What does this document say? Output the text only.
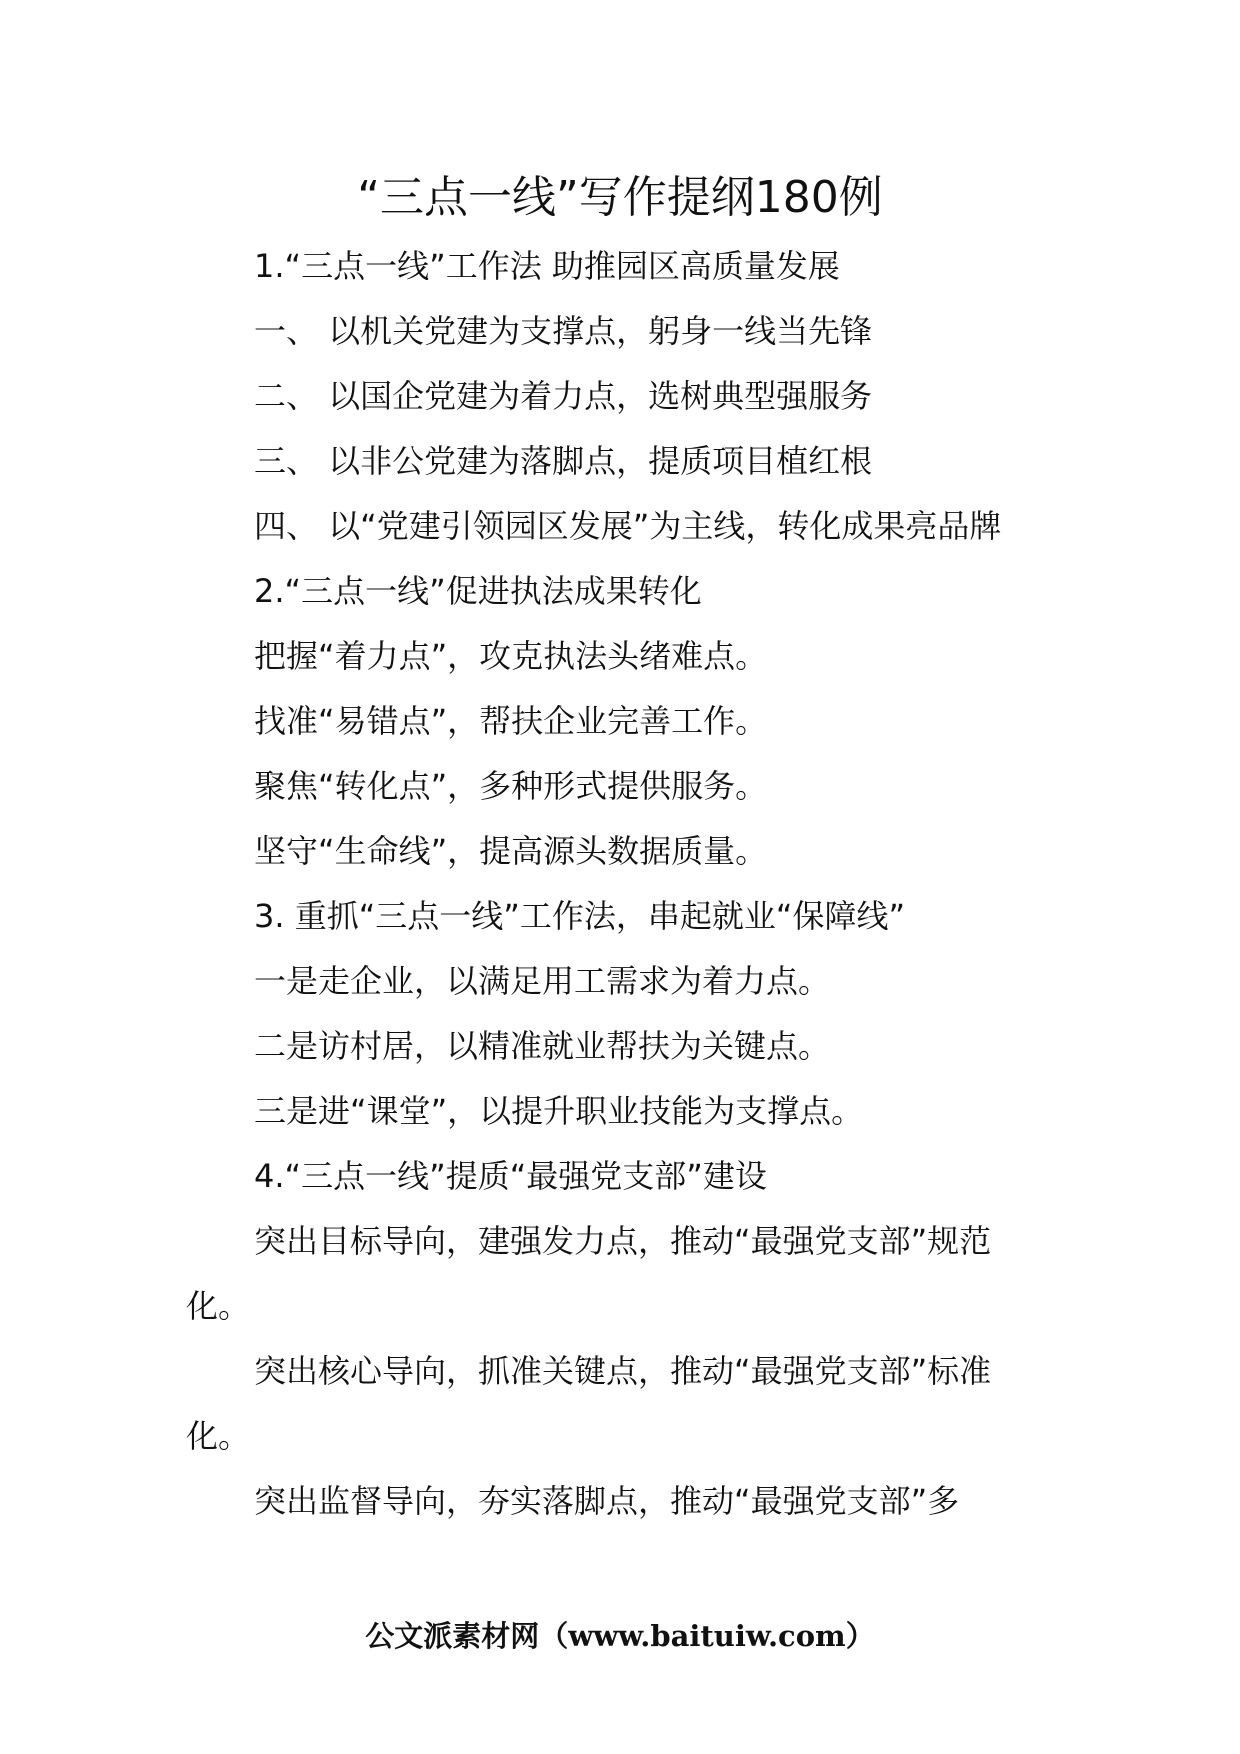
“三点一线”写作提纲180例

1.“三点一线”工作法 助推园区高质量发展

一、 以机关党建为支撑点，躬身一线当先锋

二、 以国企党建为着力点，选树典型强服务

三、 以非公党建为落脚点，提质项目植红根

四、 以“党建引领园区发展”为主线，转化成果亮品牌

2.“三点一线”促进执法成果转化

把握“着力点”，攻克执法头绪难点。

找准“易错点”，帮扶企业完善工作。

聚焦“转化点”，多种形式提供服务。

坚守“生命线”，提高源头数据质量。

3. 重抓“三点一线”工作法，串起就业“保障线”

一是走企业，以满足用工需求为着力点。

二是访村居，以精准就业帮扶为关键点。

三是进“课堂”，以提升职业技能为支撑点。

4.“三点一线”提质“最强党支部”建设

突出目标导向，建强发力点，推动“最强党支部”规范化。

突出核心导向，抓准关键点，推动“最强党支部”标准化。

突出监督导向，夯实落脚点，推动“最强党支部”多

公文派素材网（www.baituiw.com）
